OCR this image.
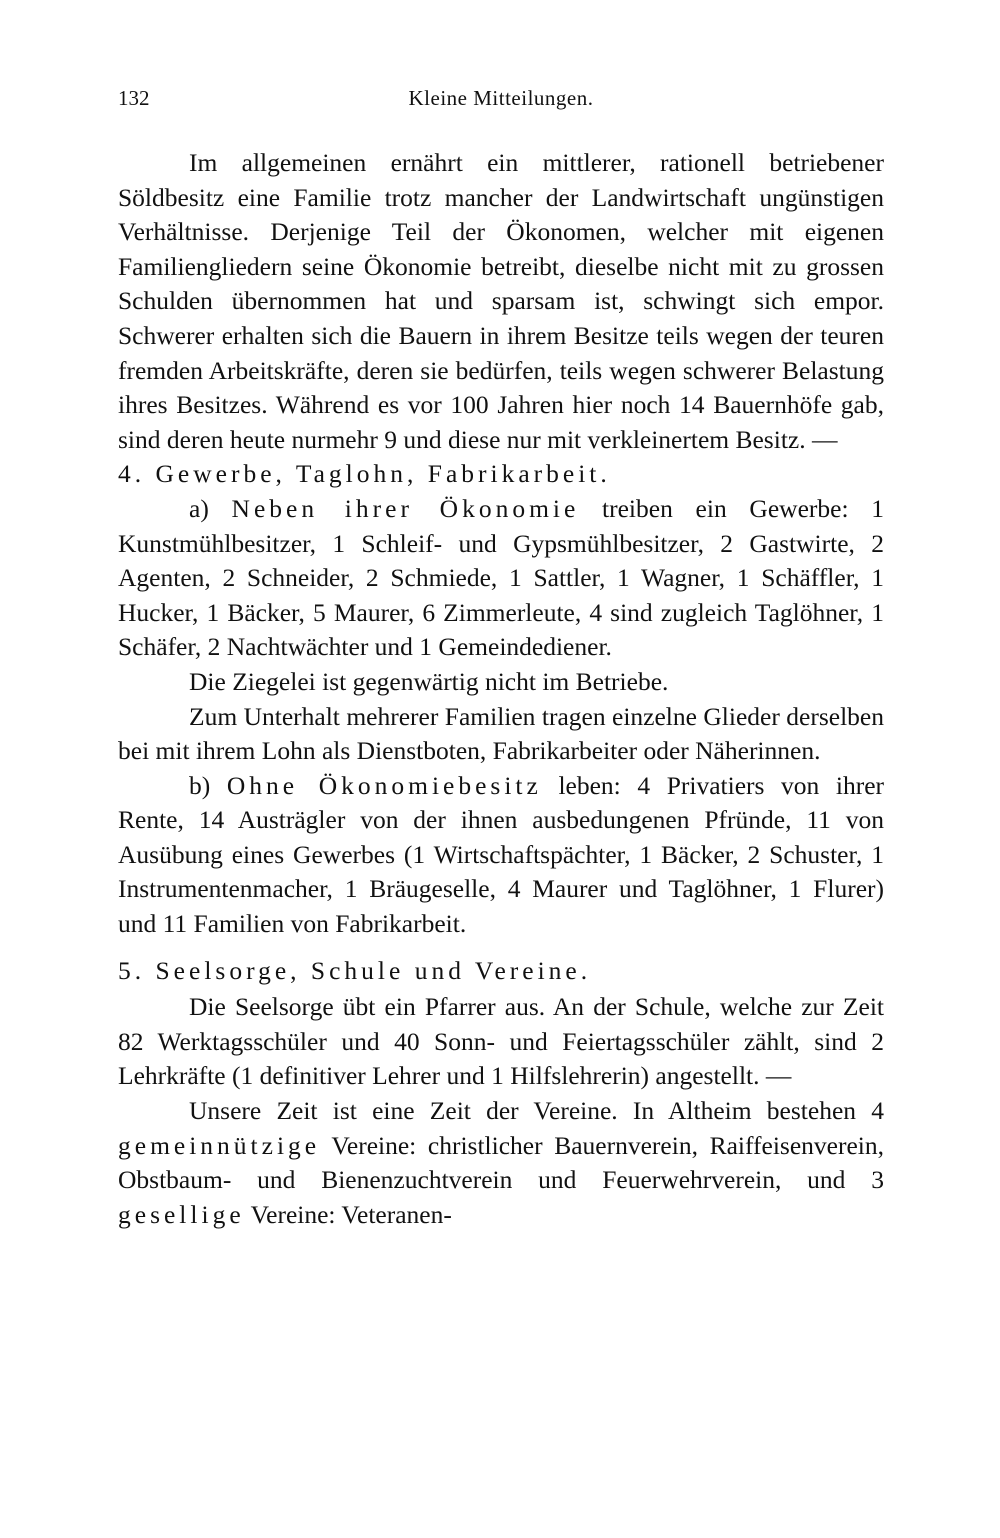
132	Kleine Mitteilungen.

Im allgemeinen ernährt ein mittlerer, rationell betriebener Söldbesitz eine Familie trotz mancher der Landwirtschaft ungünstigen Verhältnisse. Derjenige Teil der Ökonomen, welcher mit eigenen Familiengliedern seine Ökonomie betreibt, dieselbe nicht mit zu grossen Schulden übernommen hat und sparsam ist, schwingt sich empor. Schwerer erhalten sich die Bauern in ihrem Besitze teils wegen der teuren fremden Arbeitskräfte, deren sie bedürfen, teils wegen schwerer Belastung ihres Besitzes. Während es vor 100 Jahren hier noch 14 Bauernhöfe gab, sind deren heute nurmehr 9 und diese nur mit verkleinertem Besitz. —

4. Gewerbe, Taglohn, Fabrikarbeit.

a) Neben ihrer Ökonomie treiben ein Gewerbe: 1 Kunstmühlbesitzer, 1 Schleif- und Gypsmühlbesitzer, 2 Gastwirte, 2 Agenten, 2 Schneider, 2 Schmiede, 1 Sattler, 1 Wagner, 1 Schäffler, 1 Hucker, 1 Bäcker, 5 Maurer, 6 Zimmerleute, 4 sind zugleich Taglöhner, 1 Schäfer, 2 Nachtwächter und 1 Gemeindediener.

Die Ziegelei ist gegenwärtig nicht im Betriebe.

Zum Unterhalt mehrerer Familien tragen einzelne Glieder derselben bei mit ihrem Lohn als Dienstboten, Fabrikarbeiter oder Näherinnen.

b) Ohne Ökonomiebesitz leben: 4 Privatiers von ihrer Rente, 14 Austrägler von der ihnen ausbedungenen Pfründe, 11 von Ausübung eines Gewerbes (1 Wirtschaftspächter, 1 Bäcker, 2 Schuster, 1 Instrumentenmacher, 1 Bräugeselle, 4 Maurer und Taglöhner, 1 Flurer) und 11 Familien von Fabrikarbeit.

5. Seelsorge, Schule und Vereine.

Die Seelsorge übt ein Pfarrer aus. An der Schule, welche zur Zeit 82 Werktagsschüler und 40 Sonn- und Feiertagsschüler zählt, sind 2 Lehrkräfte (1 definitiver Lehrer und 1 Hilfslehrerin) angestellt. —

Unsere Zeit ist eine Zeit der Vereine. In Altheim bestehen 4 gemeinnützige Vereine: christlicher Bauernverein, Raiffeisenverein, Obstbaum- und Bienenzuchtverein und Feuerwehrverein, und 3 gesellige Vereine: Veteranen-
